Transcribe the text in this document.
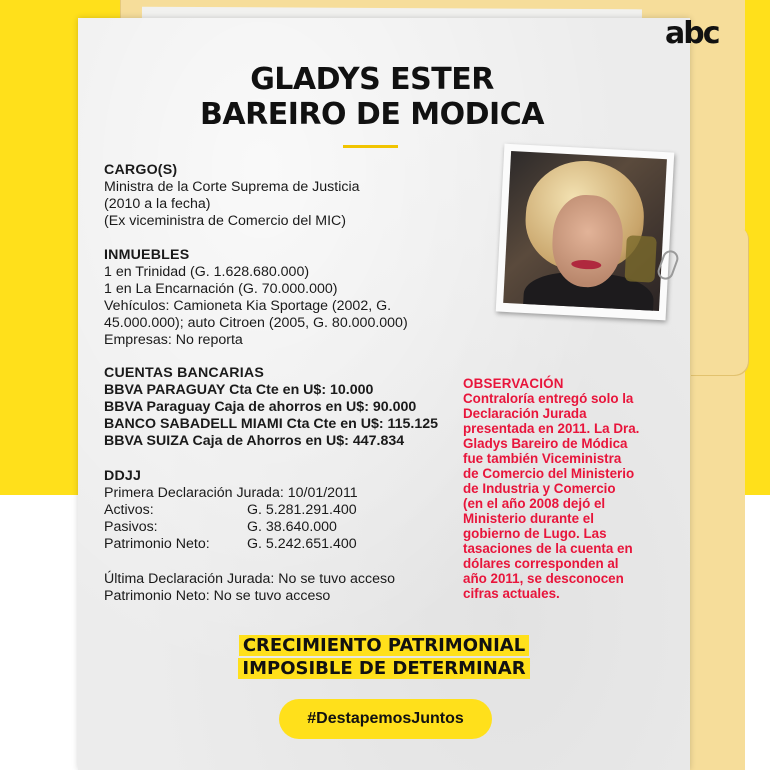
abc
GLADYS ESTER
BAREIRO DE MODICA
CARGO(S)
Ministra de la Corte Suprema de Justicia
(2010 a la fecha)
(Ex viceministra de Comercio del MIC)
INMUEBLES
1 en Trinidad (G. 1.628.680.000)
1 en La Encarnación (G. 70.000.000)
Vehículos: Camioneta Kia Sportage (2002, G.
45.000.000); auto Citroen (2005, G. 80.000.000)
Empresas: No reporta
CUENTAS BANCARIAS
BBVA PARAGUAY Cta Cte en U$: 10.000
BBVA Paraguay Caja de ahorros en U$: 90.000
BANCO SABADELL MIAMI Cta Cte en U$: 115.125
BBVA SUIZA Caja de Ahorros en U$: 447.834
DDJJ
Primera Declaración Jurada: 10/01/2011
Activos:	G. 5.281.291.400
Pasivos:	G. 38.640.000
Patrimonio Neto:	G. 5.242.651.400
Última Declaración Jurada: No se tuvo acceso
Patrimonio Neto: No se tuvo acceso
OBSERVACIÓN
Contraloría entregó solo la
Declaración Jurada
presentada en 2011. La Dra.
Gladys Bareiro de Módica
fue también Viceministra
de Comercio del Ministerio
de Industria y Comercio
(en el año 2008 dejó el
Ministerio durante el
gobierno de Lugo. Las
tasaciones de la cuenta en
dólares corresponden al
año 2011, se desconocen
cifras actuales.
CRECIMIENTO PATRIMONIAL
IMPOSIBLE DE DETERMINAR
#DestapemosJuntos
